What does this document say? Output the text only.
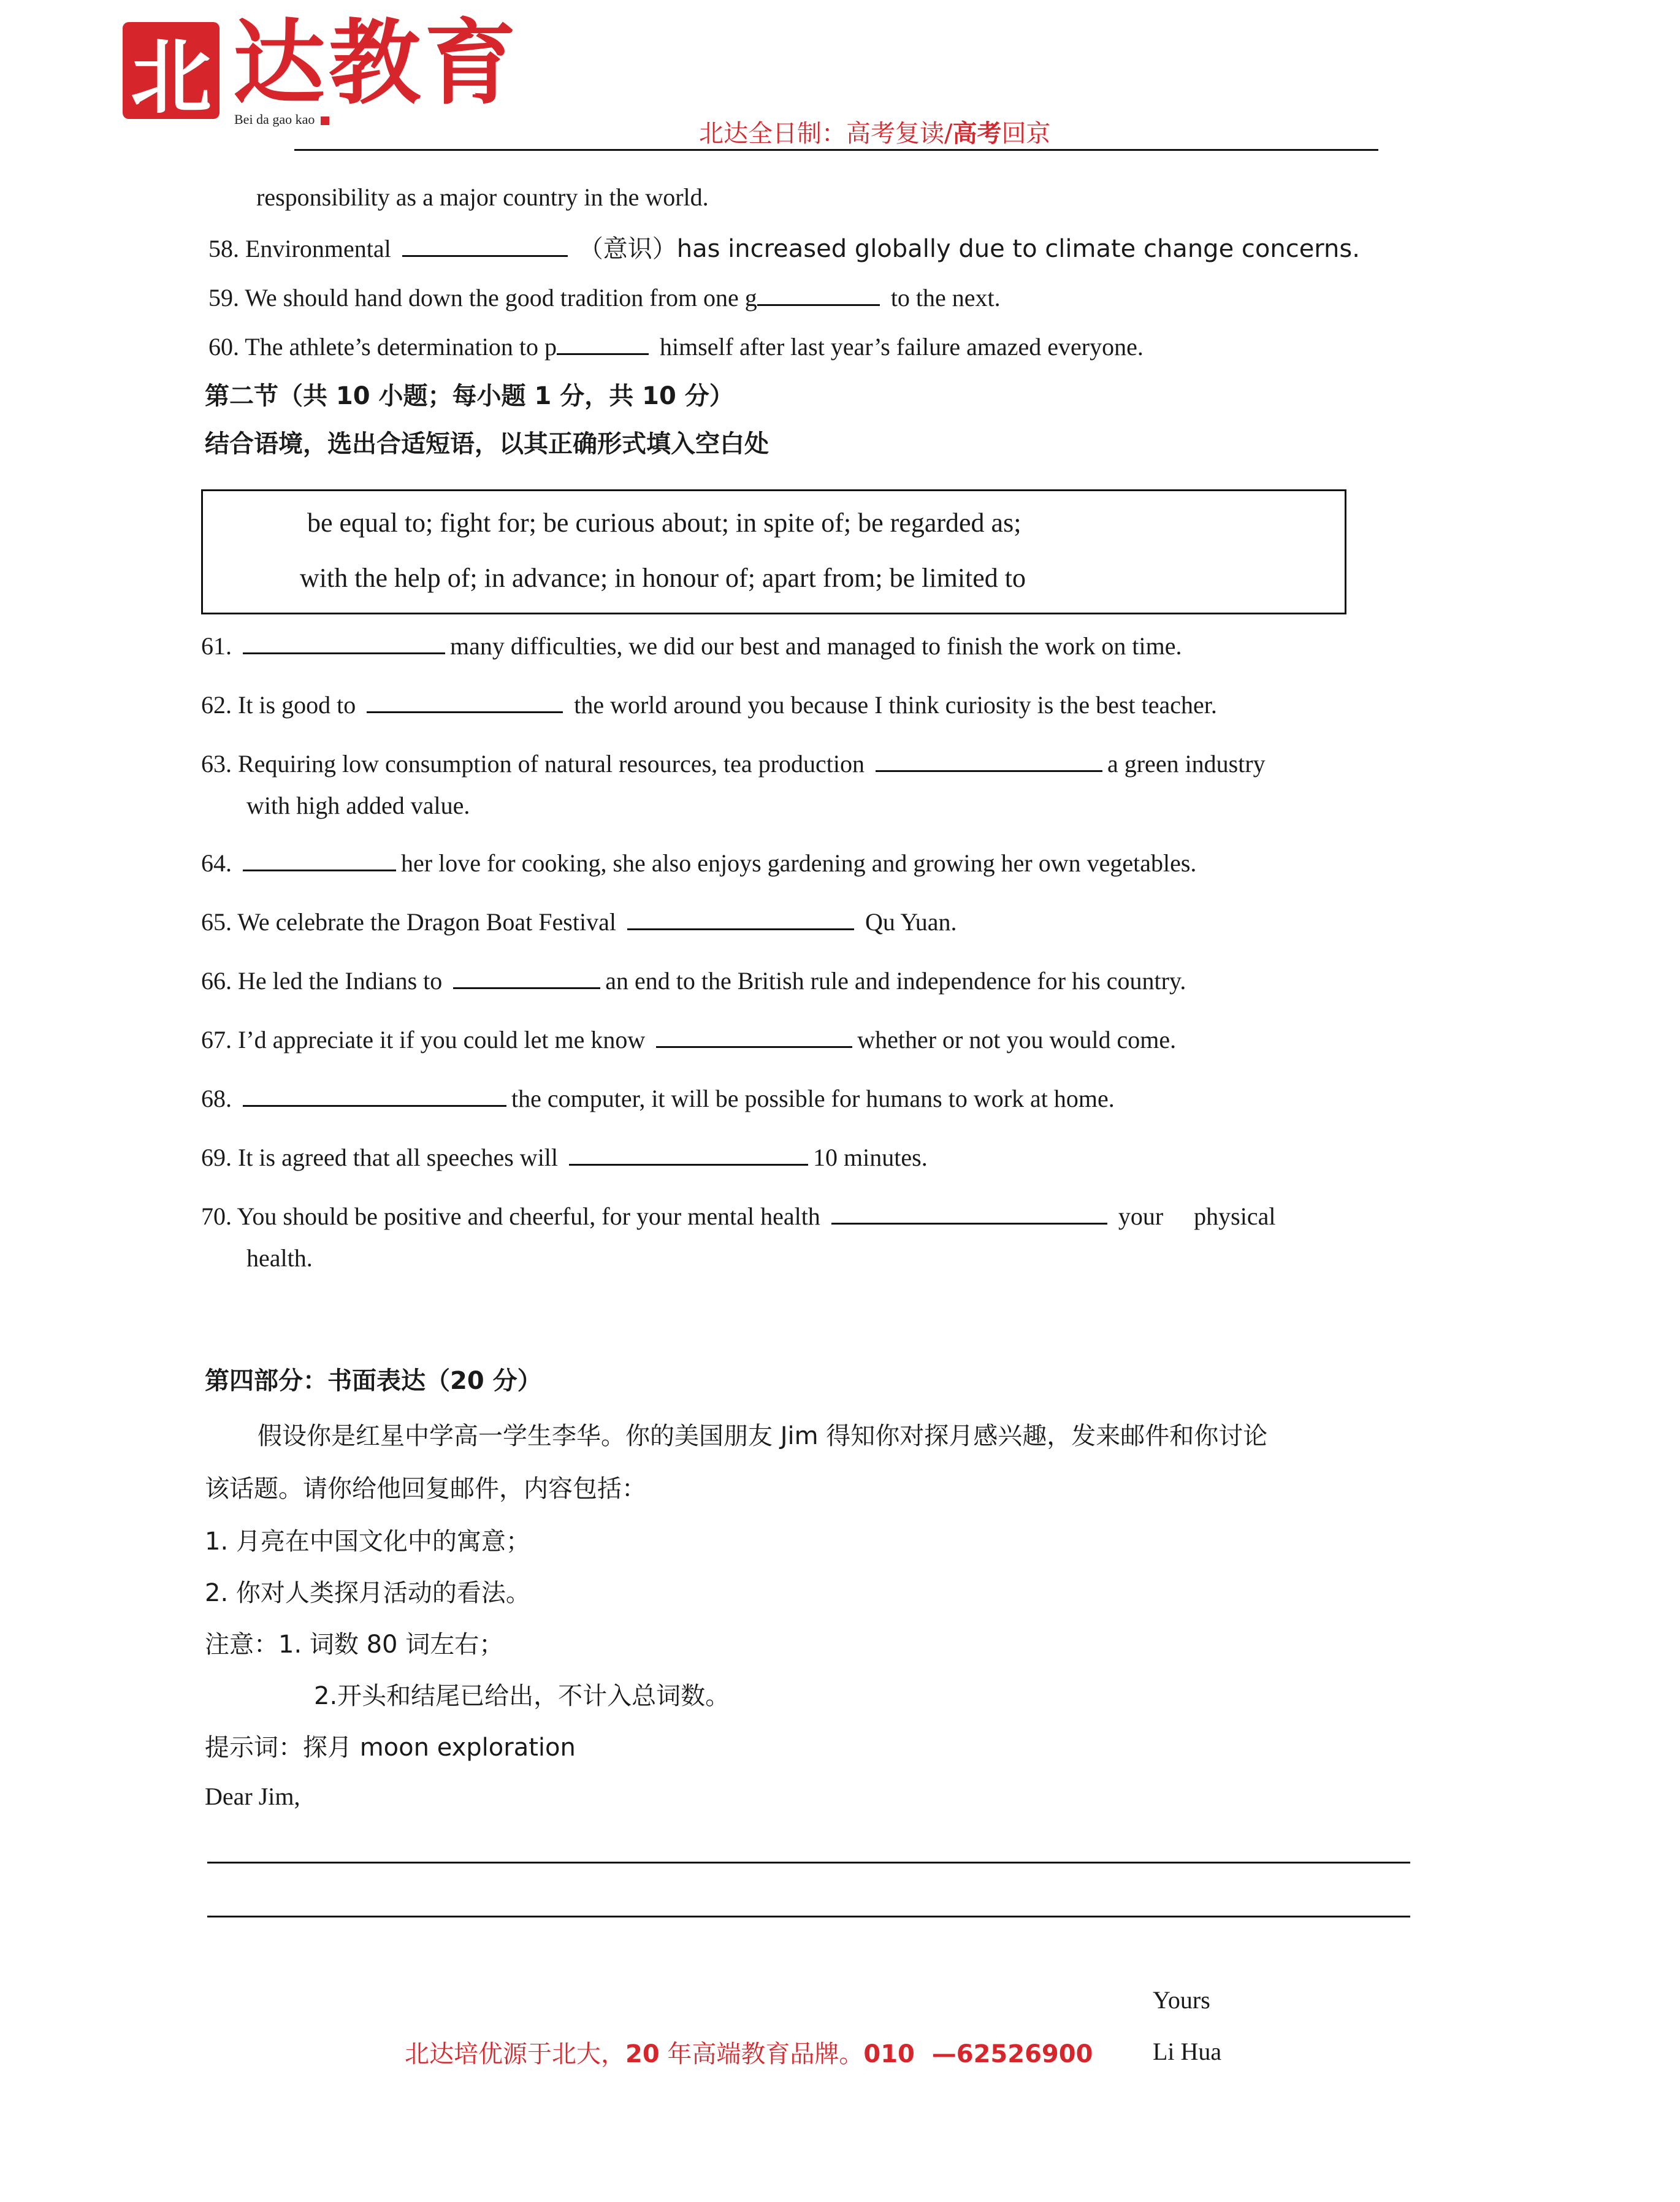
北 达教育
Bei da gao kao
北达全日制：高考复读/高考回京
responsibility as a major country in the world.
58. Environmental	（意识）has increased globally due to climate change concerns.
59. We should hand down the good tradition from one g	to the next.
60. The athlete’s determination to p	himself after last year’s failure amazed everyone.
第二节（共 10 小题；每小题 1 分，共 10 分）
结合语境，选出合适短语，以其正确形式填入空白处
be equal to; fight for; be curious about; in spite of; be regarded as;
with the help of; in advance; in honour of; apart from; be limited to
61.	many difficulties, we did our best and managed to finish the work on time.
62. It is good to	the world around you because I think curiosity is the best teacher.
63. Requiring low consumption of natural resources, tea production	a green industry
with high added value.
64.	her love for cooking, she also enjoys gardening and growing her own vegetables.
65. We celebrate the Dragon Boat Festival	Qu Yuan.
66. He led the Indians to	an end to the British rule and independence for his country.
67. I’d appreciate it if you could let me know	whether or not you would come.
68.	the computer, it will be possible for humans to work at home.
69. It is agreed that all speeches will	10 minutes.
70. You should be positive and cheerful, for your mental health	your     physical
health.
第四部分：书面表达（20 分）
假设你是红星中学高一学生李华。你的美国朋友 Jim 得知你对探月感兴趣，发来邮件和你讨论
该话题。请你给他回复邮件，内容包括：
1. 月亮在中国文化中的寓意；
2. 你对人类探月活动的看法。
注意：1. 词数 80 词左右；
2.开头和结尾已给出，不计入总词数。
提示词：探月 moon exploration
Dear Jim,
Yours
Li Hua
北达培优源于北大，20 年高端教育品牌。010  —62526900
